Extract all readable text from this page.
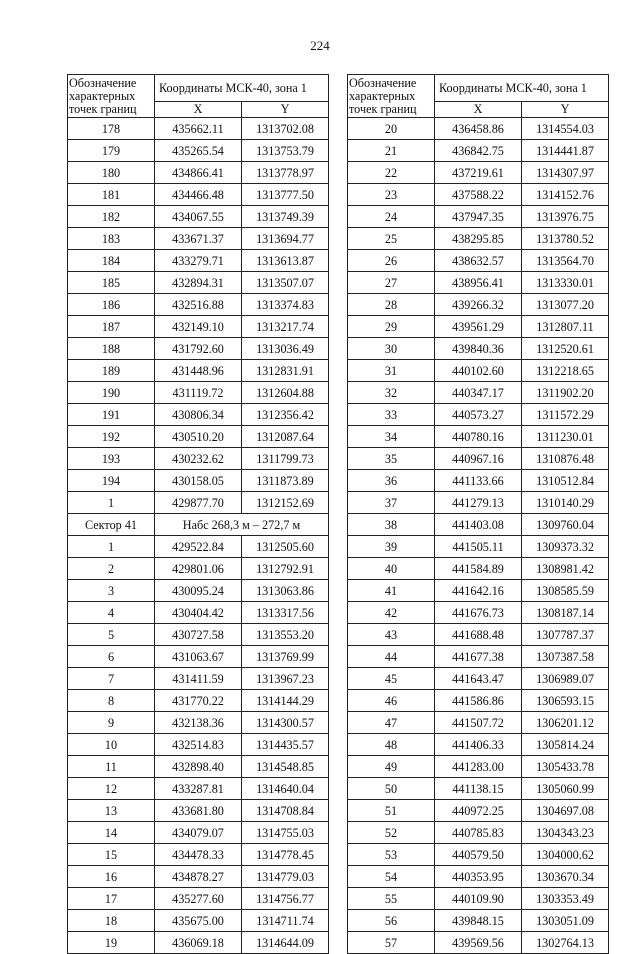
224
Обозначение характерных точек границ	Координаты МСК-40, зона 1	
	X	Y
178	435662.11	1313702.08
179	435265.54	1313753.79
180	434866.41	1313778.97
181	434466.48	1313777.50
182	434067.55	1313749.39
183	433671.37	1313694.77
184	433279.71	1313613.87
185	432894.31	1313507.07
186	432516.88	1313374.83
187	432149.10	1313217.74
188	431792.60	1313036.49
189	431448.96	1312831.91
190	431119.72	1312604.88
191	430806.34	1312356.42
192	430510.20	1312087.64
193	430232.62	1311799.73
194	430158.05	1311873.89
1	429877.70	1312152.69
Сектор 41	Набс 268,3 м – 272,7 м	
1	429522.84	1312505.60
2	429801.06	1312792.91
3	430095.24	1313063.86
4	430404.42	1313317.56
5	430727.58	1313553.20
6	431063.67	1313769.99
7	431411.59	1313967.23
8	431770.22	1314144.29
9	432138.36	1314300.57
10	432514.83	1314435.57
11	432898.40	1314548.85
12	433287.81	1314640.04
13	433681.80	1314708.84
14	434079.07	1314755.03
15	434478.33	1314778.45
16	434878.27	1314779.03
17	435277.60	1314756.77
18	435675.00	1314711.74
19	436069.18	1314644.09
Обозначение характерных точек границ	Координаты МСК-40, зона 1	
	X	Y
20	436458.86	1314554.03
21	436842.75	1314441.87
22	437219.61	1314307.97
23	437588.22	1314152.76
24	437947.35	1313976.75
25	438295.85	1313780.52
26	438632.57	1313564.70
27	438956.41	1313330.01
28	439266.32	1313077.20
29	439561.29	1312807.11
30	439840.36	1312520.61
31	440102.60	1312218.65
32	440347.17	1311902.20
33	440573.27	1311572.29
34	440780.16	1311230.01
35	440967.16	1310876.48
36	441133.66	1310512.84
37	441279.13	1310140.29
38	441403.08	1309760.04
39	441505.11	1309373.32
40	441584.89	1308981.42
41	441642.16	1308585.59
42	441676.73	1308187.14
43	441688.48	1307787.37
44	441677.38	1307387.58
45	441643.47	1306989.07
46	441586.86	1306593.15
47	441507.72	1306201.12
48	441406.33	1305814.24
49	441283.00	1305433.78
50	441138.15	1305060.99
51	440972.25	1304697.08
52	440785.83	1304343.23
53	440579.50	1304000.62
54	440353.95	1303670.34
55	440109.90	1303353.49
56	439848.15	1303051.09
57	439569.56	1302764.13
